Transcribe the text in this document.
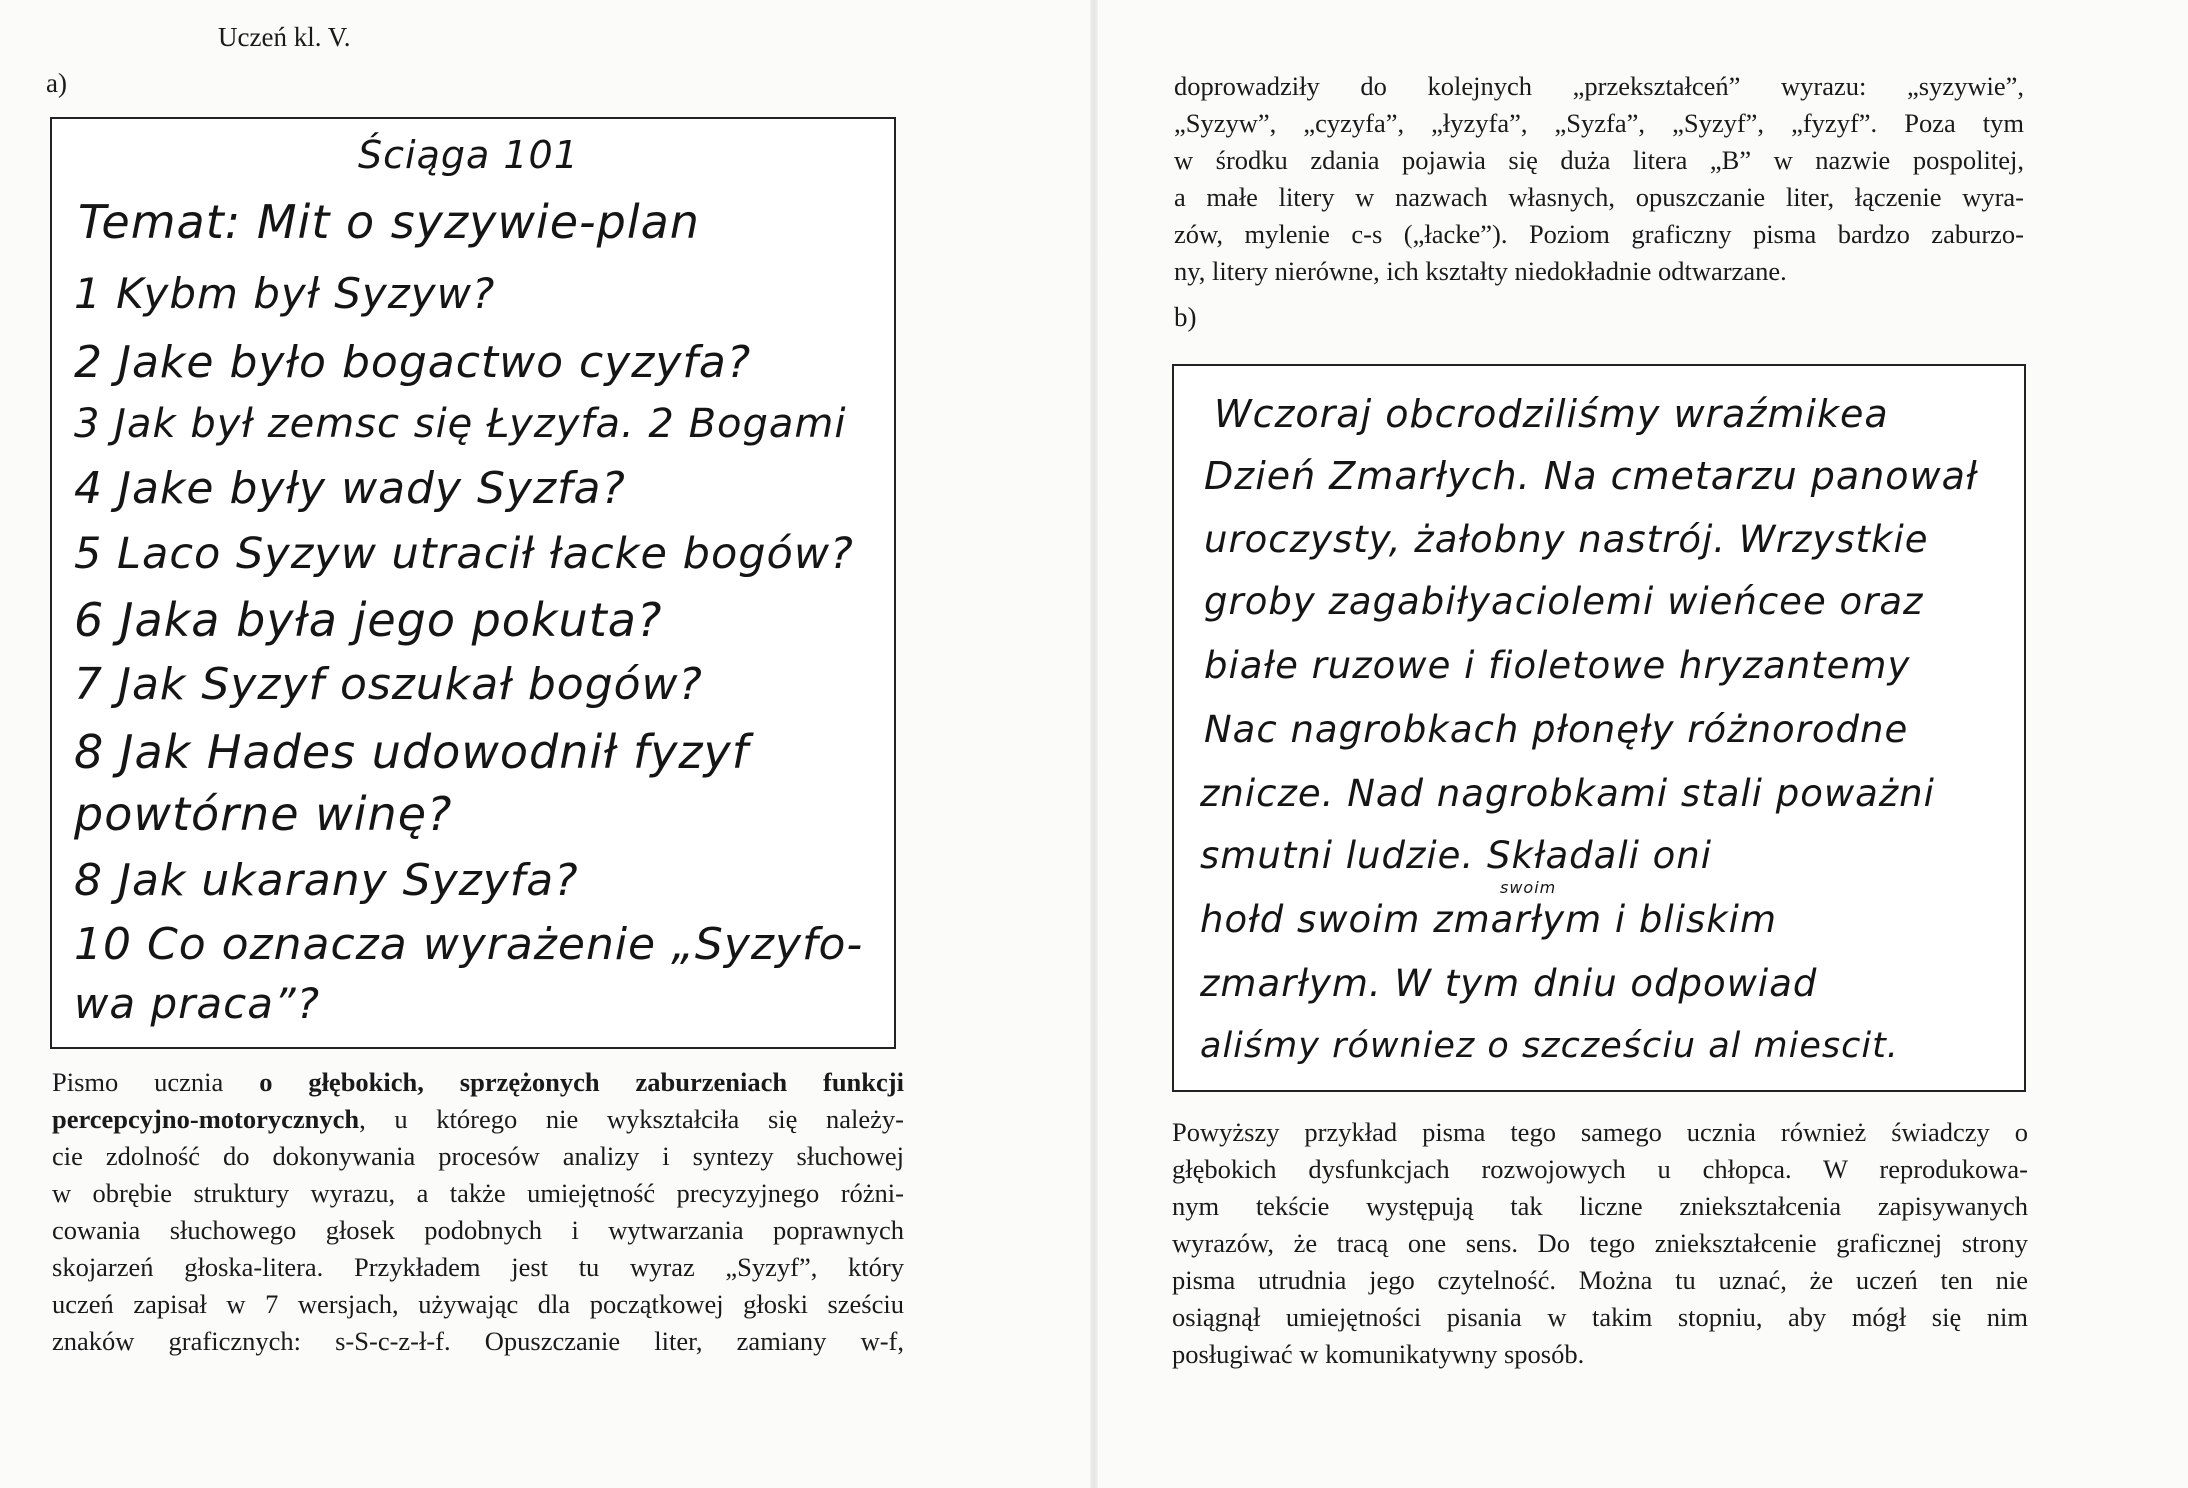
Uczeń kl. V.
a)
Ściąga 101
Temat: Mit o syzywie-plan
1 Kybm był Syzyw?
2 Jake było bogactwo cyzyfa?
3 Jak był zemsc się Łyzyfa. 2 Bogami
4 Jake były wady Syzfa?
5 Laco Syzyw utracił łacke bogów?
6 Jaka była jego pokuta?
7 Jak Syzyf oszukał bogów?
8 Jak Hades udowodnił fyzyf
powtórne winę?
8 Jak ukarany Syzyfa?
10 Co oznacza wyrażenie „Syzyfo-
wa praca”?
Pismo ucznia o głębokich, sprzężonych zaburzeniach funkcji
percepcyjno-motorycznych, u którego nie wykształciła się należy-
cie zdolność do dokonywania procesów analizy i syntezy słuchowej
w obrębie struktury wyrazu, a także umiejętność precyzyjnego różni-
cowania słuchowego głosek podobnych i wytwarzania poprawnych
skojarzeń głoska-litera. Przykładem jest tu wyraz „Syzyf”, który
uczeń zapisał w 7 wersjach, używając dla początkowej głoski sześciu
znaków graficznych: s-S-c-z-ł-f. Opuszczanie liter, zamiany w-f,
doprowadziły do kolejnych „przekształceń” wyrazu: „syzywie”,
„Syzyw”, „cyzyfa”, „łyzyfa”, „Syzfa”, „Syzyf”, „fyzyf”. Poza tym
w środku zdania pojawia się duża litera „B” w nazwie pospolitej,
a małe litery w nazwach własnych, opuszczanie liter, łączenie wyra-
zów, mylenie c-s („łacke”). Poziom graficzny pisma bardzo zaburzo-
ny, litery nierówne, ich kształty niedokładnie odtwarzane.
b)
Wczoraj obcrodziliśmy wraźmikea
Dzień Zmarłych. Na cmetarzu panował
uroczysty, żałobny nastrój. Wrzystkie
groby zagabiłyaciolemi wieńcee oraz
białe ruzowe i fioletowe hryzantemy
Nac nagrobkach płonęły różnorodne
znicze. Nad nagrobkami stali poważni
smutni ludzie. Składali oni
swoim
hołd swoim zmarłym i bliskim
zmarłym. W tym dniu odpowiad
aliśmy równiez o szcześciu al miescit.
Powyższy przykład pisma tego samego ucznia również świadczy o
głębokich dysfunkcjach rozwojowych u chłopca. W reprodukowa-
nym tekście występują tak liczne zniekształcenia zapisywanych
wyrazów, że tracą one sens. Do tego zniekształcenie graficznej strony
pisma utrudnia jego czytelność. Można tu uznać, że uczeń ten nie
osiągnął umiejętności pisania w takim stopniu, aby mógł się nim
posługiwać w komunikatywny sposób.
